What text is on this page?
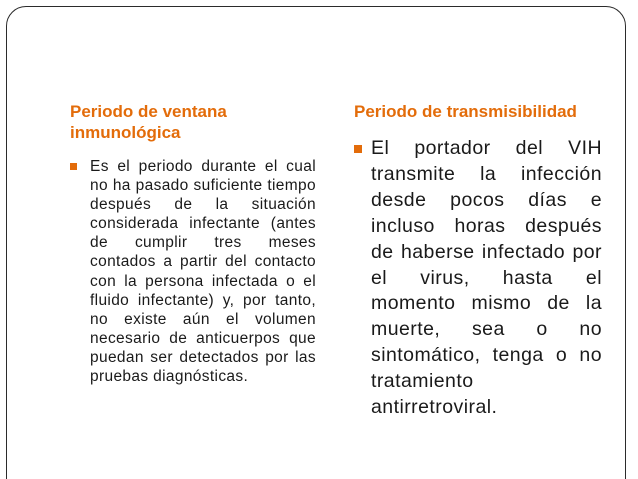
Periodo de ventana inmunológica
Es el periodo durante el cual no ha pasado suficiente tiempo después de la situación considerada infectante (antes de cumplir tres meses contados a partir del contacto con la persona infectada o el fluido infectante) y, por tanto, no existe aún el volumen necesario de anticuerpos que puedan ser detectados por las pruebas diagnósticas.
Periodo de transmisibilidad
El portador del VIH transmite la infección desde pocos días e incluso horas después de haberse infectado por el virus, hasta el momento mismo de la muerte, sea o no sintomático, tenga o no tratamiento antirretroviral.
